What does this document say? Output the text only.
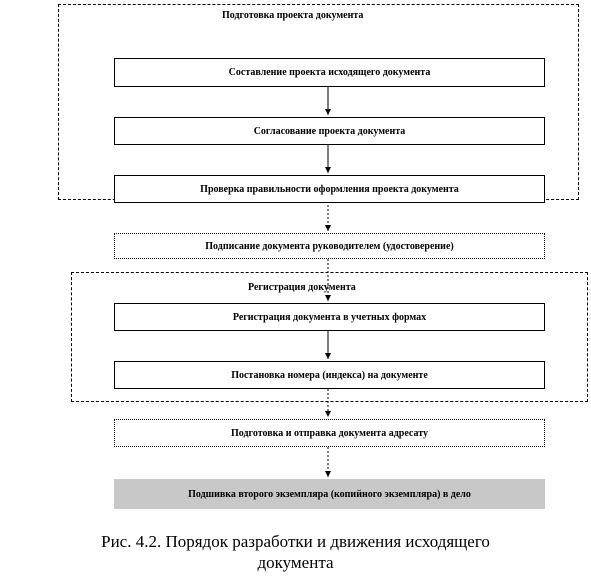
Подготовка проекта документа
Регистрация документа
Составление проекта исходящего документа
Согласование проекта документа
Проверка правильности оформления проекта документа
Подписание документа руководителем (удостоверение)
Регистрация документа в учетных формах
Постановка номера (индекса) на документе
Подготовка и отправка документа адресату
Подшивка второго экземпляра (копийного экземпляра) в дело
Рис. 4.2. Порядок разработки и движения исходящего
документа
